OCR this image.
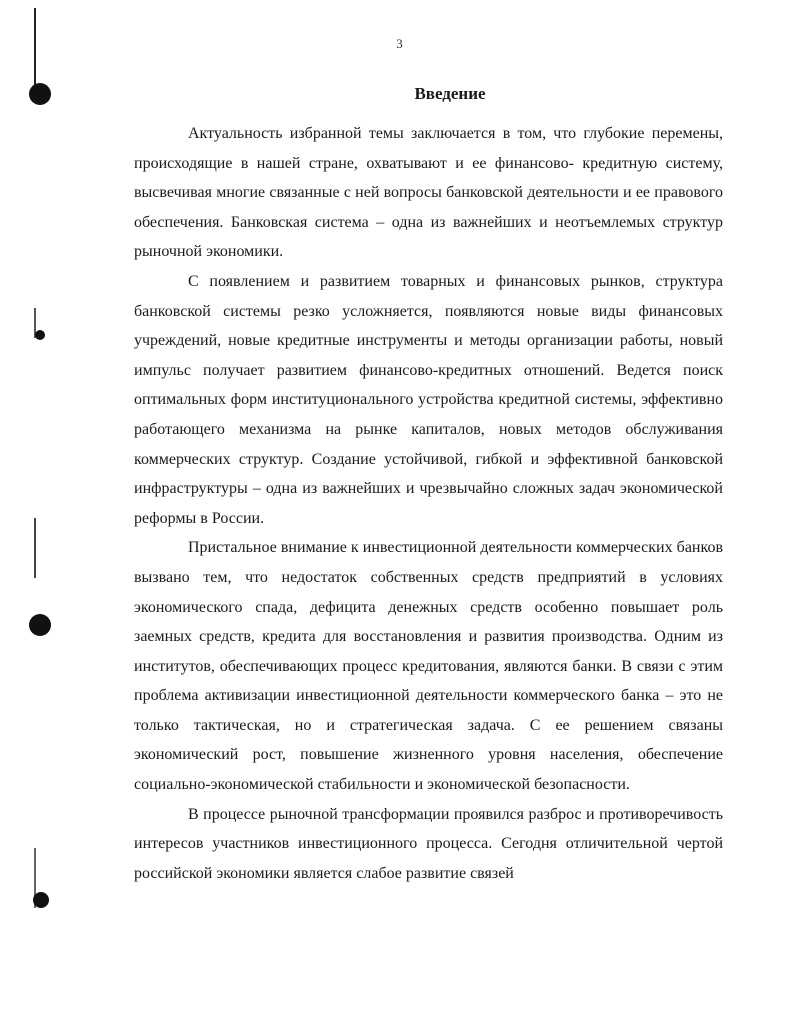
3
Введение

Актуальность избранной темы заключается в том, что глубокие перемены, происходящие в нашей стране, охватывают и ее финансово- кредитную систему, высвечивая многие связанные с ней вопросы банковской деятельности и ее правового обеспечения. Банковская система – одна из важнейших и неотъемлемых структур рыночной экономики.

С появлением и развитием товарных и финансовых рынков, структура банковской системы резко усложняется, появляются новые виды финансовых учреждений, новые кредитные инструменты и методы организации работы, новый импульс получает развитием финансово-кредитных отношений. Ведется поиск оптимальных форм институционального устройства кредитной системы, эффективно работающего механизма на рынке капиталов, новых методов обслуживания коммерческих структур. Создание устойчивой, гибкой и эффективной банковской инфраструктуры – одна из важнейших и чрезвычайно сложных задач экономической реформы в России.

Пристальное внимание к инвестиционной деятельности коммерческих банков вызвано тем, что недостаток собственных средств предприятий в условиях экономического спада, дефицита денежных средств особенно повышает роль заемных средств, кредита для восстановления и развития производства. Одним из институтов, обеспечивающих процесс кредитования, являются банки. В связи с этим проблема активизации инвестиционной деятельности коммерческого банка – это не только тактическая, но и стратегическая задача. С ее решением связаны экономический рост, повышение жизненного уровня населения, обеспечение социально-экономической стабильности и экономической безопасности.

В процессе рыночной трансформации проявился разброс и противоречивость интересов участников инвестиционного процесса. Сегодня отличительной чертой российской экономики является слабое развитие связей
